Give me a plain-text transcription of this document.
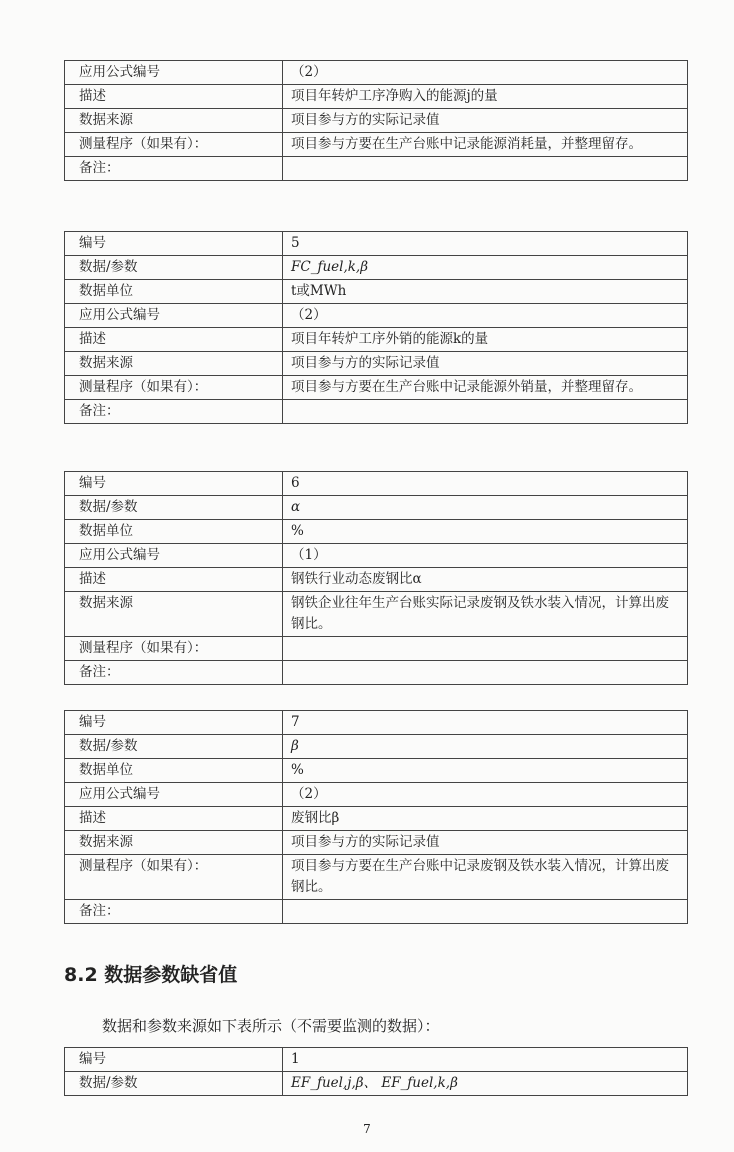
应用公式编号	（2）
描述	项目年转炉工序净购入的能源j的量
数据来源	项目参与方的实际记录值
测量程序（如果有）：	项目参与方要在生产台账中记录能源消耗量，并整理留存。
备注：	
编号	5
数据/参数	FC_fuel,k,β
数据单位	t或MWh
应用公式编号	（2）
描述	项目年转炉工序外销的能源k的量
数据来源	项目参与方的实际记录值
测量程序（如果有）：	项目参与方要在生产台账中记录能源外销量，并整理留存。
备注：	
编号	6
数据/参数	α
数据单位	%
应用公式编号	（1）
描述	钢铁行业动态废钢比α
数据来源	钢铁企业往年生产台账实际记录废钢及铁水装入情况，计算出废钢比。
测量程序（如果有）：	
备注：	
编号	7
数据/参数	β
数据单位	%
应用公式编号	（2）
描述	废钢比β
数据来源	项目参与方的实际记录值
测量程序（如果有）：	项目参与方要在生产台账中记录废钢及铁水装入情况，计算出废钢比。
备注：	
8.2 数据参数缺省值
数据和参数来源如下表所示（不需要监测的数据）：
编号	1
数据/参数	EF_fuel,j,β、 EF_fuel,k,β
7
